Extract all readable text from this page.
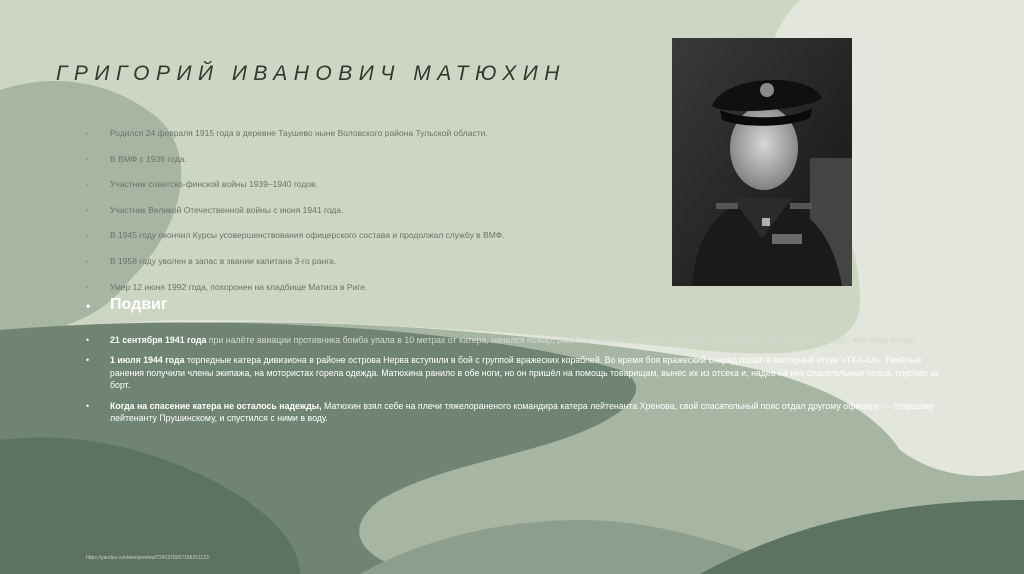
ГРИГОРИЙ ИВАНОВИЧ МАТЮХИН
• Родился 24 февраля 1915 года в деревне Таушево ныне Воловского района Тульской области.
• В ВМФ с 1936 года.
• Участник советско-финской войны 1939–1940 годов.
• Участник Великой Отечественной войны с июня 1941 года.
• В 1945 году окончил Курсы усовершенствования офицерского состава и продолжал службу в ВМФ.
• В 1958 году уволен в запас в звании капитана 3-го ранга.
• Умер 12 июня 1992 года, похоронен на кладбище Матиса в Риге.
• Подвиг
• 21 сентября 1941 года при налёте авиации противника бомба упала в 10 метрах от катера, начался пожар, рвались патроны и ракеты. Матюхин, раненный в руку, потушил пожар, чем спас катер.
• 1 июля 1944 года торпедные катера дивизиона в районе острова Нерва вступили в бой с группой вражеских кораблей. Во время боя вражеский снаряд попал в моторный отсек «ТКА-43». Тяжёлые ранения получили члены экипажа, на мотористах горела одежда. Матюхина ранило в обе ноги, но он пришёл на помощь товарищам, вынес их из отсека и, надев на них спасательные пояса, спустил за борт.
• Когда на спасение катера не осталось надежды, Матюхин взял себе на плечи тяжелораненого командира катера лейтенанта Хренова, свой спасательный пояс отдал другому офицеру — старшему лейтенанту Прушинскому, и спустился с ними в воду.
https://yandex.ru/video/preview/7242378057166261123
